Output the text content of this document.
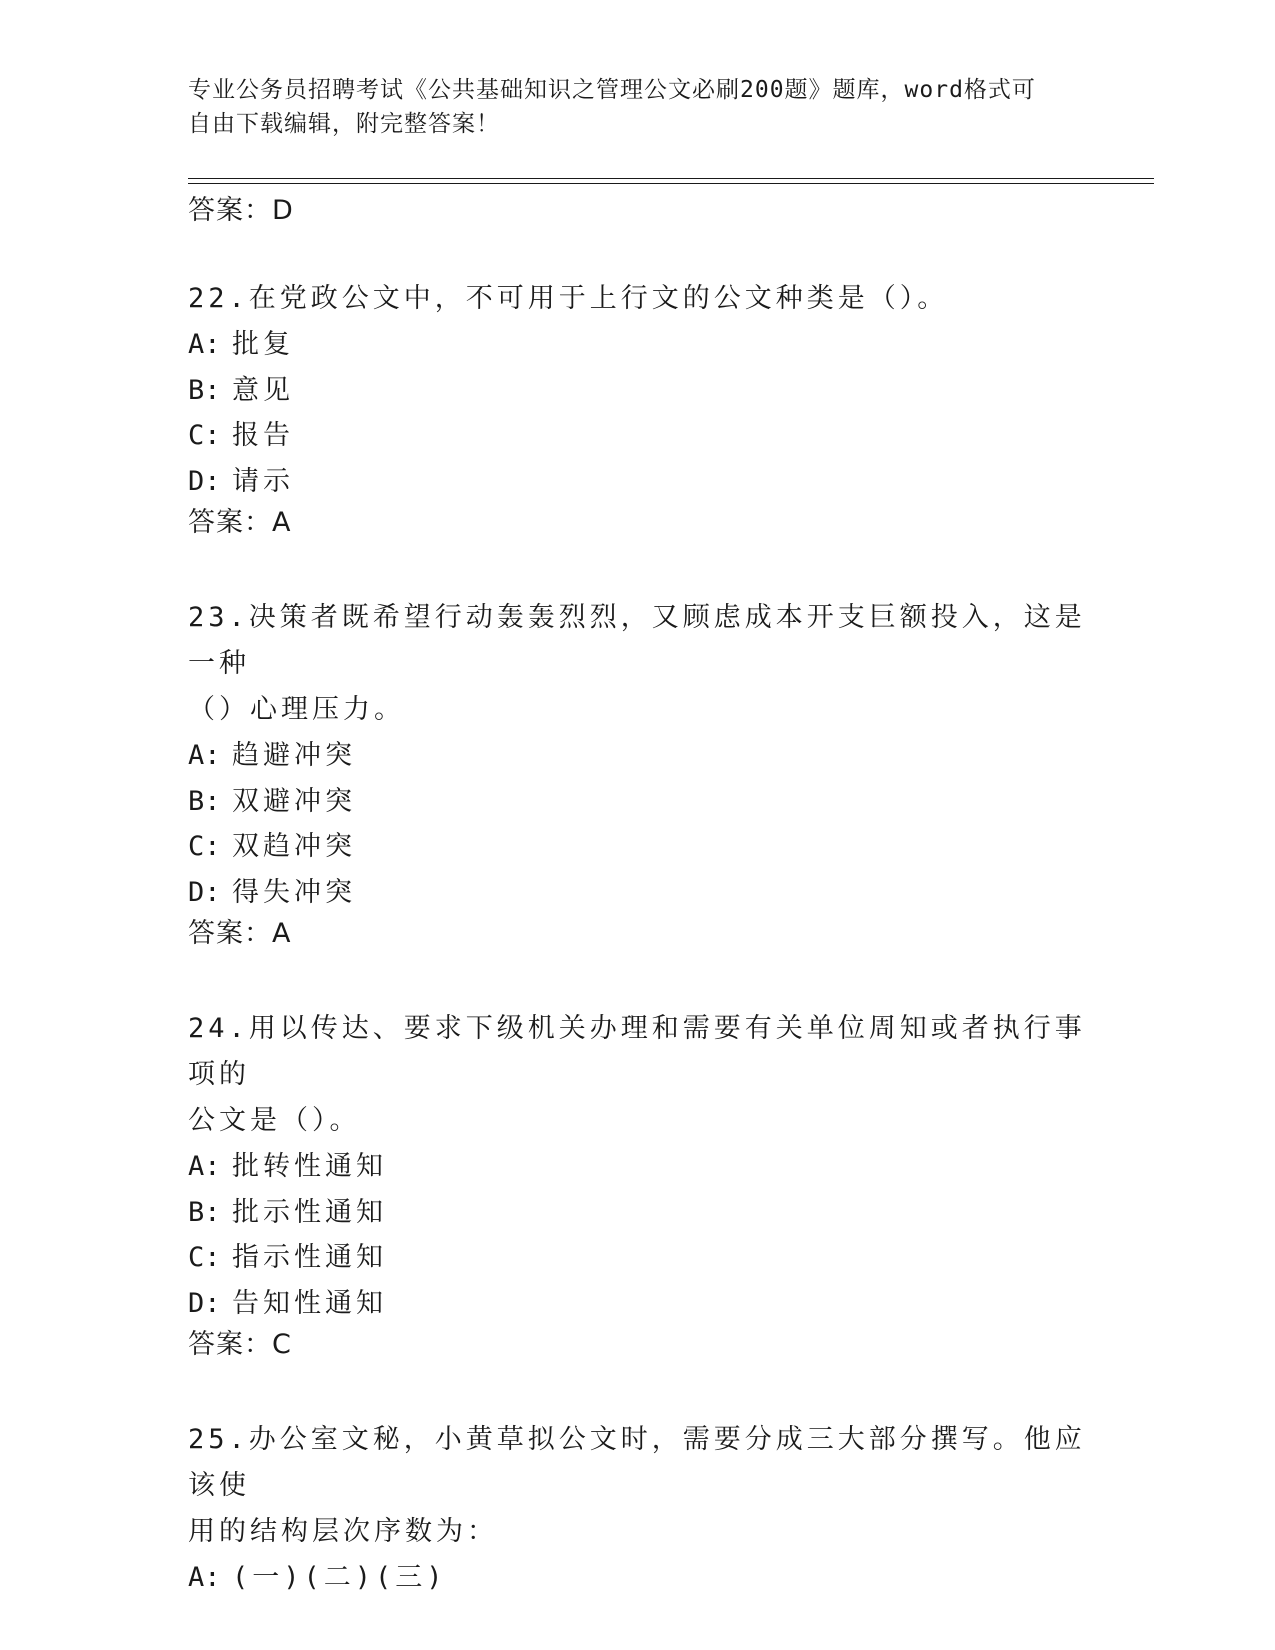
专业公务员招聘考试《公共基础知识之管理公文必刷200题》题库，word格式可
自由下载编辑，附完整答案！
答案：D
22.在党政公文中，不可用于上行文的公文种类是（）。
A: 批复
B: 意见
C: 报告
D: 请示
答案：A
23.决策者既希望行动轰轰烈烈，又顾虑成本开支巨额投入，这是一种
（）心理压力。
A: 趋避冲突
B: 双避冲突
C: 双趋冲突
D: 得失冲突
答案：A
24.用以传达、要求下级机关办理和需要有关单位周知或者执行事项的
公文是（）。
A: 批转性通知
B: 批示性通知
C: 指示性通知
D: 告知性通知
答案：C
25.办公室文秘，小黄草拟公文时，需要分成三大部分撰写。他应该使
用的结构层次序数为：
A: (一)(二)(三)
